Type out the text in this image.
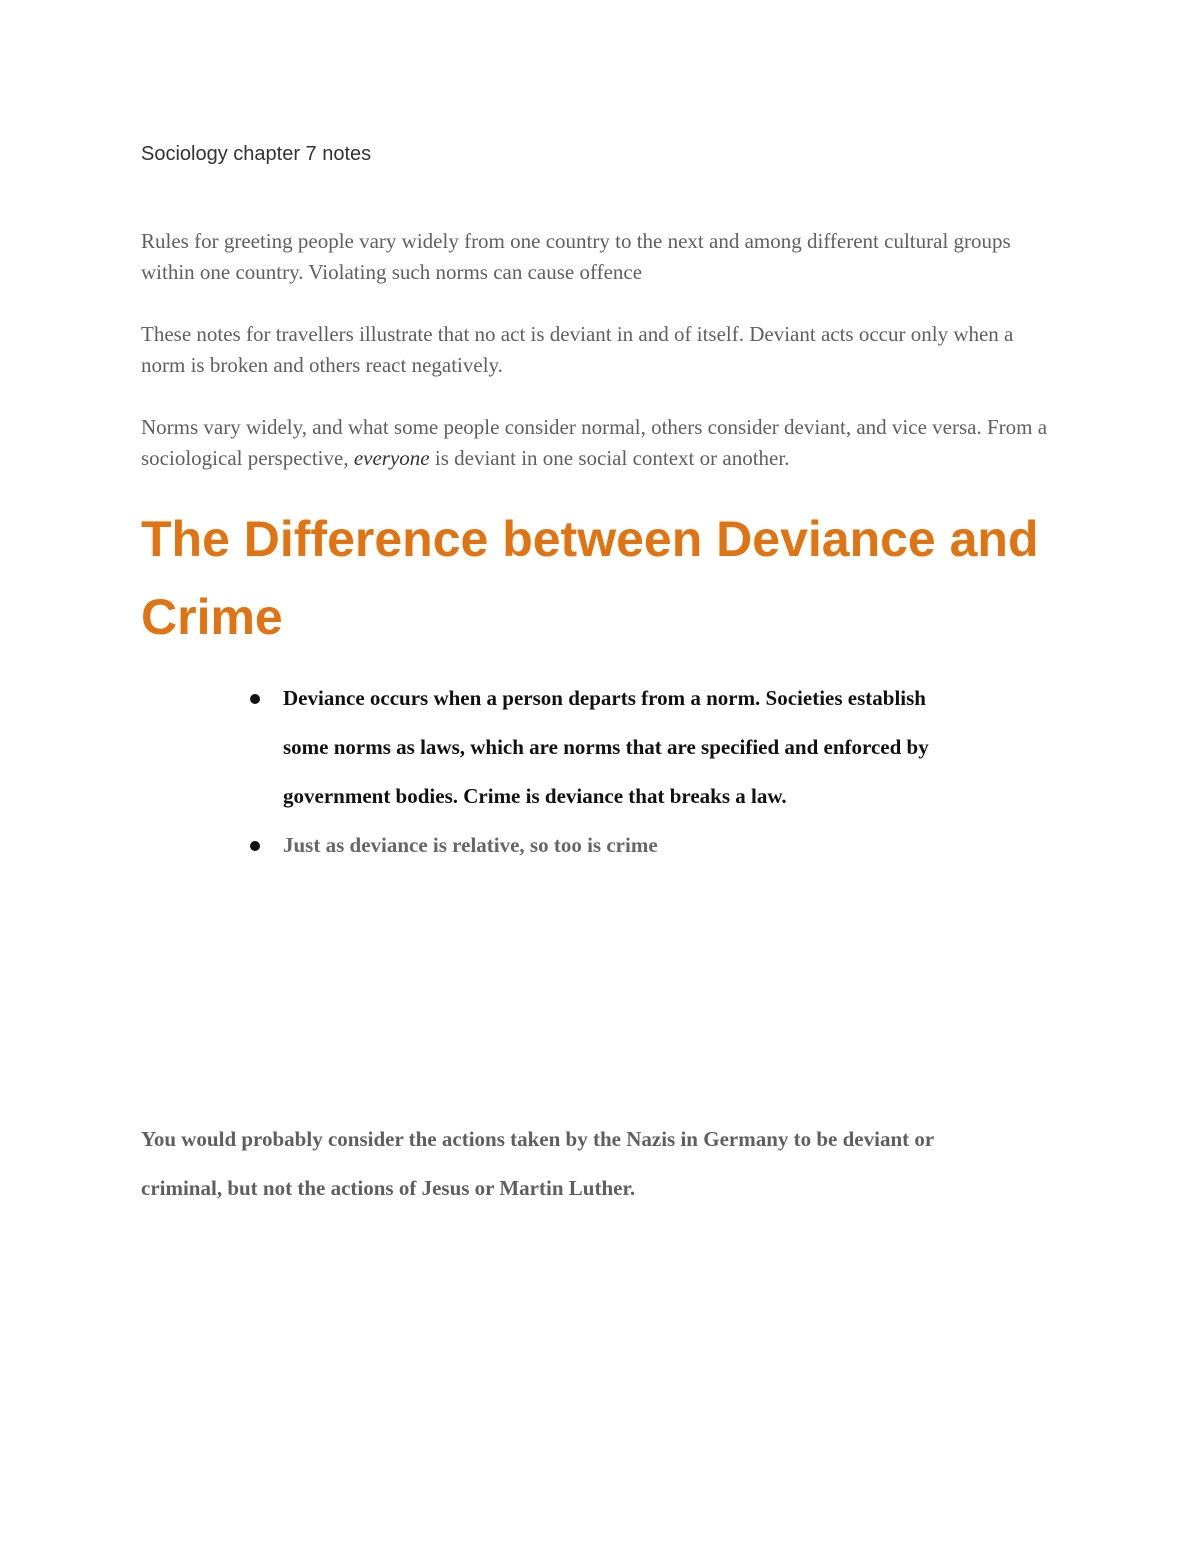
Sociology chapter 7 notes

Rules for greeting people vary widely from one country to the next and among different cultural groups within one country. Violating such norms can cause offence

These notes for travellers illustrate that no act is deviant in and of itself. Deviant acts occur only when a norm is broken and others react negatively.

Norms vary widely, and what some people consider normal, others consider deviant, and vice versa. From a sociological perspective, everyone is deviant in one social context or another.

The Difference between Deviance and Crime
Deviance occurs when a person departs from a norm. Societies establish some norms as laws, which are norms that are specified and enforced by government bodies. Crime is deviance that breaks a law.
Just as deviance is relative, so too is crime

You would probably consider the actions taken by the Nazis in Germany to be deviant or criminal, but not the actions of Jesus or Martin Luther.
